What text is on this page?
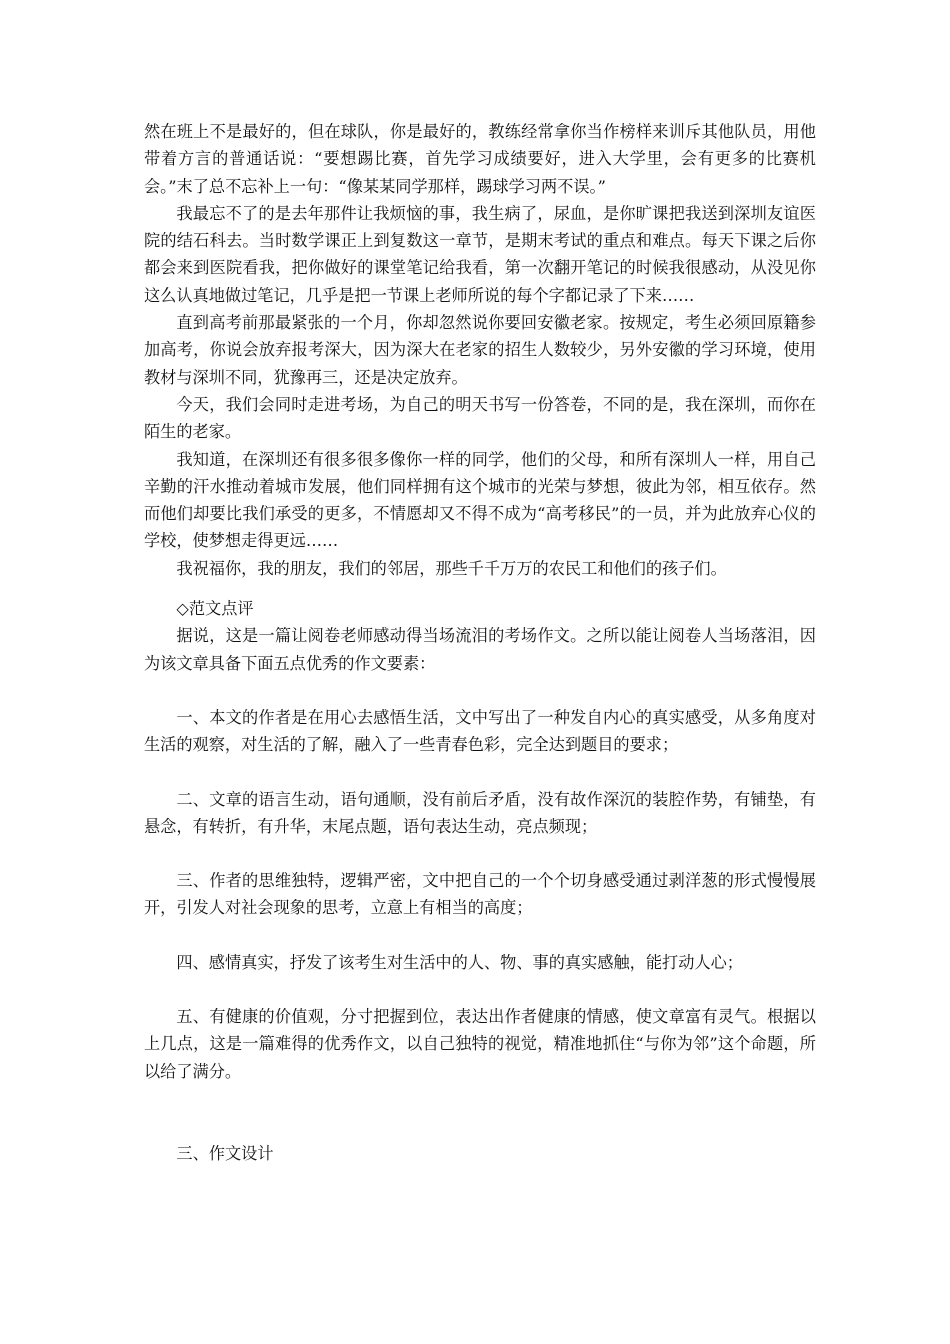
然在班上不是最好的，但在球队，你是最好的，教练经常拿你当作榜样来训斥其他队员，用他带着方言的普通话说：“要想踢比赛，首先学习成绩要好，进入大学里，会有更多的比赛机会。”末了总不忘补上一句：“像某某同学那样，踢球学习两不误。”

我最忘不了的是去年那件让我烦恼的事，我生病了，尿血，是你旷课把我送到深圳友谊医院的结石科去。当时数学课正上到复数这一章节，是期末考试的重点和难点。每天下课之后你都会来到医院看我，把你做好的课堂笔记给我看，第一次翻开笔记的时候我很感动，从没见你这么认真地做过笔记，几乎是把一节课上老师所说的每个字都记录了下来……

直到高考前那最紧张的一个月，你却忽然说你要回安徽老家。按规定，考生必须回原籍参加高考，你说会放弃报考深大，因为深大在老家的招生人数较少，另外安徽的学习环境，使用教材与深圳不同，犹豫再三，还是决定放弃。

今天，我们会同时走进考场，为自己的明天书写一份答卷，不同的是，我在深圳，而你在陌生的老家。

我知道，在深圳还有很多很多像你一样的同学，他们的父母，和所有深圳人一样，用自己辛勤的汗水推动着城市发展，他们同样拥有这个城市的光荣与梦想，彼此为邻，相互依存。然而他们却要比我们承受的更多，不情愿却又不得不成为“高考移民”的一员，并为此放弃心仪的学校，使梦想走得更远……

我祝福你，我的朋友，我们的邻居，那些千千万万的农民工和他们的孩子们。

◇范文点评

据说，这是一篇让阅卷老师感动得当场流泪的考场作文。之所以能让阅卷人当场落泪，因为该文章具备下面五点优秀的作文要素：

一、本文的作者是在用心去感悟生活，文中写出了一种发自内心的真实感受，从多角度对生活的观察，对生活的了解，融入了一些青春色彩，完全达到题目的要求；

二、文章的语言生动，语句通顺，没有前后矛盾，没有故作深沉的装腔作势，有铺垫，有悬念，有转折，有升华，末尾点题，语句表达生动，亮点频现；

三、作者的思维独特，逻辑严密，文中把自己的一个个切身感受通过剥洋葱的形式慢慢展开，引发人对社会现象的思考，立意上有相当的高度；

四、感情真实，抒发了该考生对生活中的人、物、事的真实感触，能打动人心；

五、有健康的价值观，分寸把握到位，表达出作者健康的情感，使文章富有灵气。根据以上几点，这是一篇难得的优秀作文，以自己独特的视觉，精准地抓住“与你为邻”这个命题，所以给了满分。

三、作文设计
